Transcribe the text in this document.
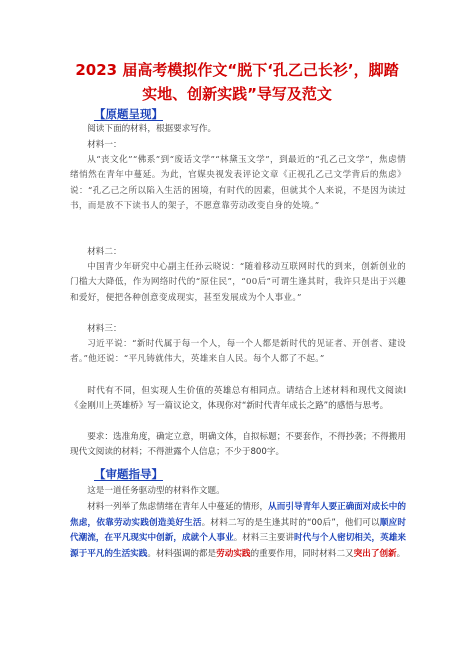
2023 届高考模拟作文“脱下‘孔乙己长衫’，脚踏
实地、创新实践”导写及范文
【原题呈现】
阅读下面的材料，根据要求写作。
材料一：
从“丧文化”“佛系”到“废话文学”“林黛玉文学”，到最近的“孔乙己文学”，焦虑情绪悄然在青年中蔓延。为此，官媒央视发表评论文章《正视孔乙己文学背后的焦虑》说：“孔乙己之所以陷入生活的困境，有时代的因素，但就其个人来说，不是因为读过书，而是放不下读书人的架子，不愿意靠劳动改变自身的处境。”
材料二：
中国青少年研究中心副主任孙云晓说：“随着移动互联网时代的到来，创新创业的门槛大大降低，作为网络时代的“原住民”，“00后”可谓生逢其时，我许只是出于兴趣和爱好，便把各种创意变成现实，甚至发展成为个人事业。”
材料三：
习近平说：“新时代属于每一个人，每一个人都是新时代的见证者、开创者、建设者。”他还说：“平凡铸就伟大，英雄来自人民。每个人都了不起。”
时代有不同，但实现人生价值的英雄总有相同点。请结合上述材料和现代文阅读Ⅰ《金刚川上英雄桥》写一篇议论文，体现你对“新时代青年成长之路”的感悟与思考。
要求：选准角度，确定立意，明确文体，自拟标题；不要套作，不得抄袭；不得搬用现代文阅读的材料；不得泄露个人信息；不少于800字。
【审题指导】
这是一道任务驱动型的材料作文题。
材料一列举了焦虑情绪在青年人中蔓延的情形，从而引导青年人要正确面对成长中的焦虑，依靠劳动实践创造美好生活。材料二写的是生逢其时的“00后”，他们可以顺应时代潮流，在平凡现实中创新，成就个人事业。材料三主要讲时代与个人密切相关，英雄来源于平凡的生活实践。材料强调的都是劳动实践的重要作用，同时材料二又突出了创新。
